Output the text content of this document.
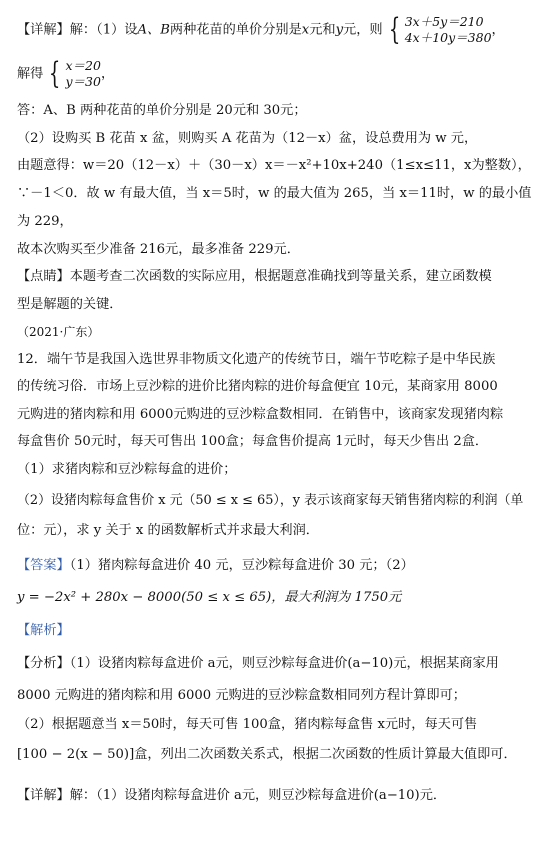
【详解】解：（1）设A、B两种花苗的单价分别是x元和y元，则 { 3x＋5y＝210
4x＋10y＝380，
解得 { x＝20
y＝30，
答：A、B 两种花苗的单价分别是 20元和 30元；
（2）设购买 B 花苗 x 盆，则购买 A 花苗为（12－x）盆，设总费用为 w 元，
由题意得：w＝20（12－x）＋（30－x）x＝－x²+10x+240（1≤x≤11，x为整数），
∵－1＜0．故 w 有最大值，当 x＝5时，w 的最大值为 265，当 x＝11时，w 的最小值
为 229，
故本次购买至少准备 216元，最多准备 229元．
【点睛】本题考查二次函数的实际应用，根据题意准确找到等量关系，建立函数模
型是解题的关键．
（2021·广东）
12．端午节是我国入选世界非物质文化遗产的传统节日，端午节吃粽子是中华民族
的传统习俗．市场上豆沙粽的进价比猪肉粽的进价每盒便宜 10元，某商家用 8000
元购进的猪肉粽和用 6000元购进的豆沙粽盒数相同．在销售中，该商家发现猪肉粽
每盒售价 50元时，每天可售出 100盒；每盒售价提高 1元时，每天少售出 2盒．
（1）求猪肉粽和豆沙粽每盒的进价；
（2）设猪肉粽每盒售价 x 元（50 ≤ x ≤ 65），y 表示该商家每天销售猪肉粽的利润（单
位：元），求 y 关于 x 的函数解析式并求最大利润．
【答案】（1）猪肉粽每盒进价 40 元，豆沙粽每盒进价 30 元；（2）
y = −2x² + 280x − 8000(50 ≤ x ≤ 65)，最大利润为 1750元
【解析】
【分析】（1）设猪肉粽每盒进价 a元，则豆沙粽每盒进价(a−10)元，根据某商家用
8000 元购进的猪肉粽和用 6000 元购进的豆沙粽盒数相同列方程计算即可；
（2）根据题意当 x＝50时，每天可售 100盒，猪肉粽每盒售 x元时，每天可售
[100 − 2(x − 50)]盒，列出二次函数关系式，根据二次函数的性质计算最大值即可．
【详解】解：（1）设猪肉粽每盒进价 a元，则豆沙粽每盒进价(a−10)元．
